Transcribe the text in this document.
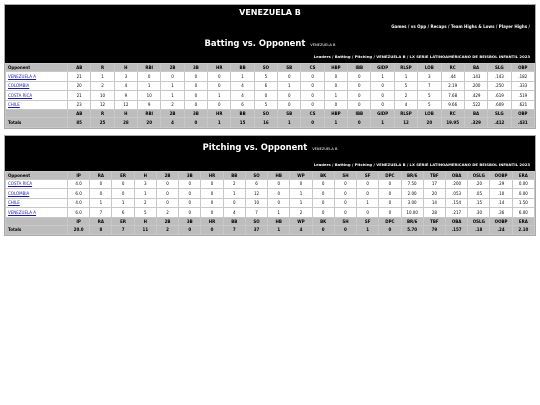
VENEZUELA B
Games / vs Opp / Recaps / Team Highs & Lows / Player Highs /
Batting vs. Opponent VENEZUELA B
Leaders / Batting / Pitching / VENEZUELA B / LX SERIE LATINOAMERICANO DE BEISBOL INFANTIL 2023
Opponent	AB	R	H	RBI	2B	3B	HR	BB	SO	SB	CS	HBP	IBB	GIDP	RLSP	LOB	RC	BA	SLG	OBP
VENEZUELA A	21	1	3	0	0	0	0	1	5	0	0	0	0	1	1	3	.44	.143	.143	.182
COLOMBIA	20	2	4	1	1	0	0	4	6	1	0	0	0	0	5	7	2.19	.200	.250	.333
COSTA RICA	21	10	9	10	1	0	1	4	0	0	0	1	0	0	2	5	7.68	.429	.619	.519
CHILE	23	12	12	9	2	0	0	6	5	0	0	0	0	0	4	5	9.66	.522	.609	.621
	AB	R	H	RBI	2B	3B	HR	BB	SO	SB	CS	HBP	IBB	GIDP	RLSP	LOB	RC	BA	SLG	OBP
Totals	85	25	28	20	4	0	1	15	16	1	0	1	0	1	12	20	19.95	.329	.412	.431
Pitching vs. Opponent VENEZUELA B
Leaders / Batting / Pitching / VENEZUELA B / LX SERIE LATINOAMERICANO DE BEISBOL INFANTIL 2023
Opponent	IP	RA	ER	H	2B	3B	HR	BB	SO	HB	WP	BK	SH	SF	DPC	BR/6	TBF	OBA	OSLG	OOBP	ERA
COSTA RICA	4.0	0	0	3	0	0	0	2	6	0	0	0	0	0	0	7.50	17	.200	.20	.29	0.00
COLOMBIA	6.0	0	0	1	0	0	0	1	12	0	1	0	0	0	0	2.00	20	.053	.05	.10	0.00
CHILE	4.0	1	1	2	0	0	0	0	10	0	1	0	0	1	0	3.00	14	.154	.15	.14	1.50
VENEZUELA A	6.0	7	6	5	2	0	0	4	7	1	2	0	0	0	0	10.00	28	.217	.30	.36	6.00
	IP	RA	ER	H	2B	3B	HR	BB	SO	HB	WP	BK	SH	SF	DPC	BR/6	TBF	OBA	OSLG	OOBP	ERA
Totals	20.0	8	7	11	2	0	0	7	37	1	4	0	0	1	0	5.70	79	.157	.18	.24	2.10
